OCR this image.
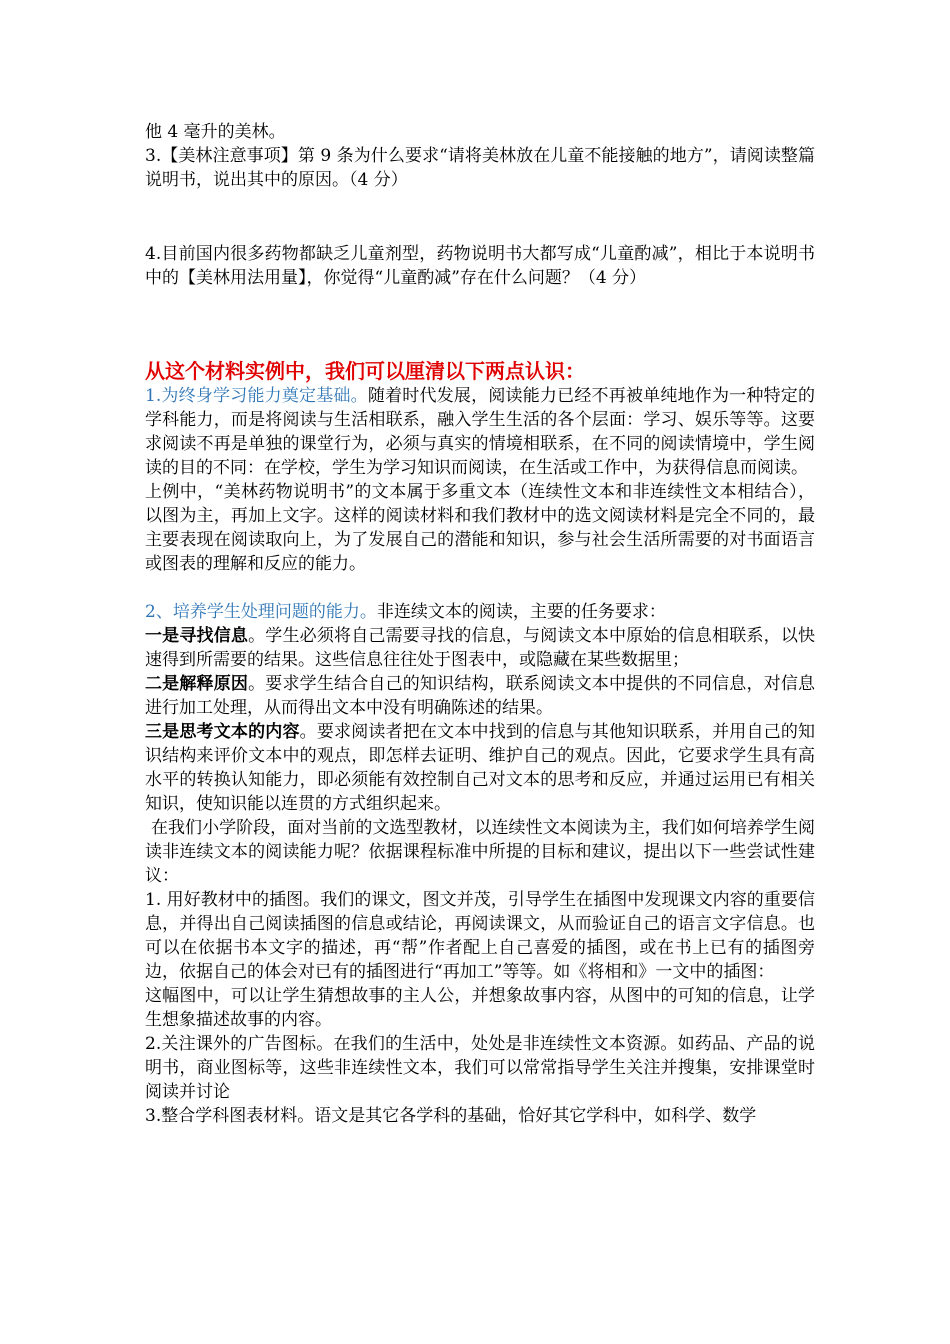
他 4 毫升的美林。

3.【美林注意事项】第 9 条为什么要求“请将美林放在儿童不能接触的地方”，请阅读整篇说明书，说出其中的原因。（4 分）

4.目前国内很多药物都缺乏儿童剂型，药物说明书大都写成“儿童酌减”，相比于本说明书中的【美林用法用量】，你觉得“儿童酌减”存在什么问题？（4 分）

从这个材料实例中，我们可以厘清以下两点认识：

1.为终身学习能力奠定基础。随着时代发展，阅读能力已经不再被单纯地作为一种特定的学科能力，而是将阅读与生活相联系，融入学生生活的各个层面：学习、娱乐等等。这要求阅读不再是单独的课堂行为，必须与真实的情境相联系，在不同的阅读情境中，学生阅读的目的不同：在学校，学生为学习知识而阅读，在生活或工作中，为获得信息而阅读。

上例中，“美林药物说明书”的文本属于多重文本（连续性文本和非连续性文本相结合），以图为主，再加上文字。这样的阅读材料和我们教材中的选文阅读材料是完全不同的，最主要表现在阅读取向上，为了发展自己的潜能和知识，参与社会生活所需要的对书面语言或图表的理解和反应的能力。

2、培养学生处理问题的能力。非连续文本的阅读，主要的任务要求：

一是寻找信息。学生必须将自己需要寻找的信息，与阅读文本中原始的信息相联系，以快速得到所需要的结果。这些信息往往处于图表中，或隐藏在某些数据里；

二是解释原因。要求学生结合自己的知识结构，联系阅读文本中提供的不同信息，对信息进行加工处理，从而得出文本中没有明确陈述的结果。

三是思考文本的内容。要求阅读者把在文本中找到的信息与其他知识联系，并用自己的知识结构来评价文本中的观点，即怎样去证明、维护自己的观点。因此，它要求学生具有高水平的转换认知能力，即必须能有效控制自己对文本的思考和反应，并通过运用已有相关知识，使知识能以连贯的方式组织起来。

在我们小学阶段，面对当前的文选型教材，以连续性文本阅读为主，我们如何培养学生阅读非连续文本的阅读能力呢？依据课程标准中所提的目标和建议，提出以下一些尝试性建议：

1. 用好教材中的插图。我们的课文，图文并茂，引导学生在插图中发现课文内容的重要信息，并得出自己阅读插图的信息或结论，再阅读课文，从而验证自己的语言文字信息。也可以在依据书本文字的描述，再“帮”作者配上自己喜爱的插图，或在书上已有的插图旁边，依据自己的体会对已有的插图进行“再加工”等等。如《将相和》一文中的插图：

这幅图中，可以让学生猜想故事的主人公，并想象故事内容，从图中的可知的信息，让学生想象描述故事的内容。

2.关注课外的广告图标。在我们的生活中，处处是非连续性文本资源。如药品、产品的说明书，商业图标等，这些非连续性文本，我们可以常常指导学生关注并搜集，安排课堂时阅读并讨论

3.整合学科图表材料。语文是其它各学科的基础，恰好其它学科中，如科学、数学
